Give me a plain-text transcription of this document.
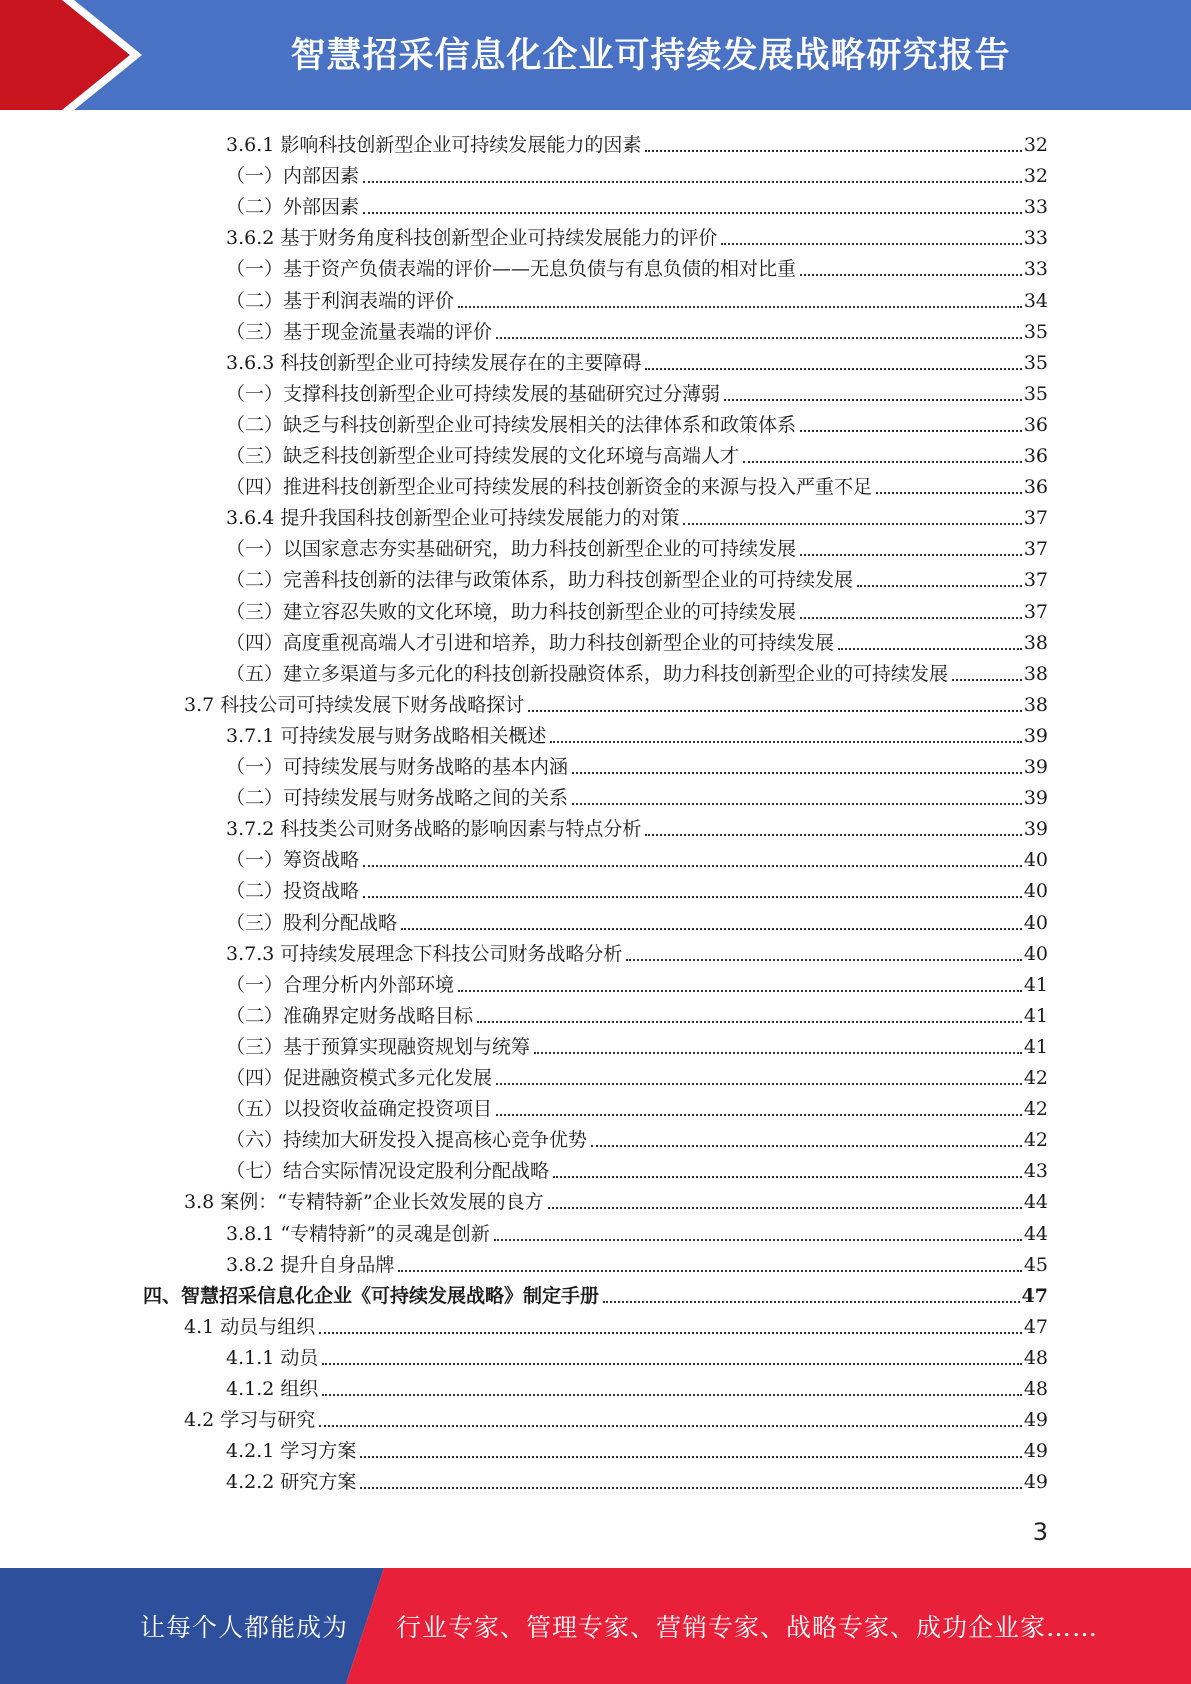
智慧招采信息化企业可持续发展战略研究报告
3.6.1 影响科技创新型企业可持续发展能力的因素	32
（一）内部因素	32
（二）外部因素	33
3.6.2 基于财务角度科技创新型企业可持续发展能力的评价	33
（一）基于资产负债表端的评价——无息负债与有息负债的相对比重	33
（二）基于利润表端的评价	34
（三）基于现金流量表端的评价	35
3.6.3 科技创新型企业可持续发展存在的主要障碍	35
（一）支撑科技创新型企业可持续发展的基础研究过分薄弱	35
（二）缺乏与科技创新型企业可持续发展相关的法律体系和政策体系	36
（三）缺乏科技创新型企业可持续发展的文化环境与高端人才	36
（四）推进科技创新型企业可持续发展的科技创新资金的来源与投入严重不足	36
3.6.4 提升我国科技创新型企业可持续发展能力的对策	37
（一）以国家意志夯实基础研究，助力科技创新型企业的可持续发展	37
（二）完善科技创新的法律与政策体系，助力科技创新型企业的可持续发展	37
（三）建立容忍失败的文化环境，助力科技创新型企业的可持续发展	37
（四）高度重视高端人才引进和培养，助力科技创新型企业的可持续发展	38
（五）建立多渠道与多元化的科技创新投融资体系，助力科技创新型企业的可持续发展	38
3.7 科技公司可持续发展下财务战略探讨	38
3.7.1 可持续发展与财务战略相关概述	39
（一）可持续发展与财务战略的基本内涵	39
（二）可持续发展与财务战略之间的关系	39
3.7.2 科技类公司财务战略的影响因素与特点分析	39
（一）筹资战略	40
（二）投资战略	40
（三）股利分配战略	40
3.7.3 可持续发展理念下科技公司财务战略分析	40
（一）合理分析内外部环境	41
（二）准确界定财务战略目标	41
（三）基于预算实现融资规划与统筹	41
（四）促进融资模式多元化发展	42
（五）以投资收益确定投资项目	42
（六）持续加大研发投入提高核心竞争优势	42
（七）结合实际情况设定股利分配战略	43
3.8 案例：“专精特新”企业长效发展的良方	44
3.8.1 “专精特新”的灵魂是创新	44
3.8.2 提升自身品牌	45
四、智慧招采信息化企业《可持续发展战略》制定手册	47
4.1 动员与组织	47
4.1.1 动员	48
4.1.2 组织	48
4.2 学习与研究	49
4.2.1 学习方案	49
4.2.2 研究方案	49
3
让每个人都能成为 行业专家、管理专家、营销专家、战略专家、成功企业家……
